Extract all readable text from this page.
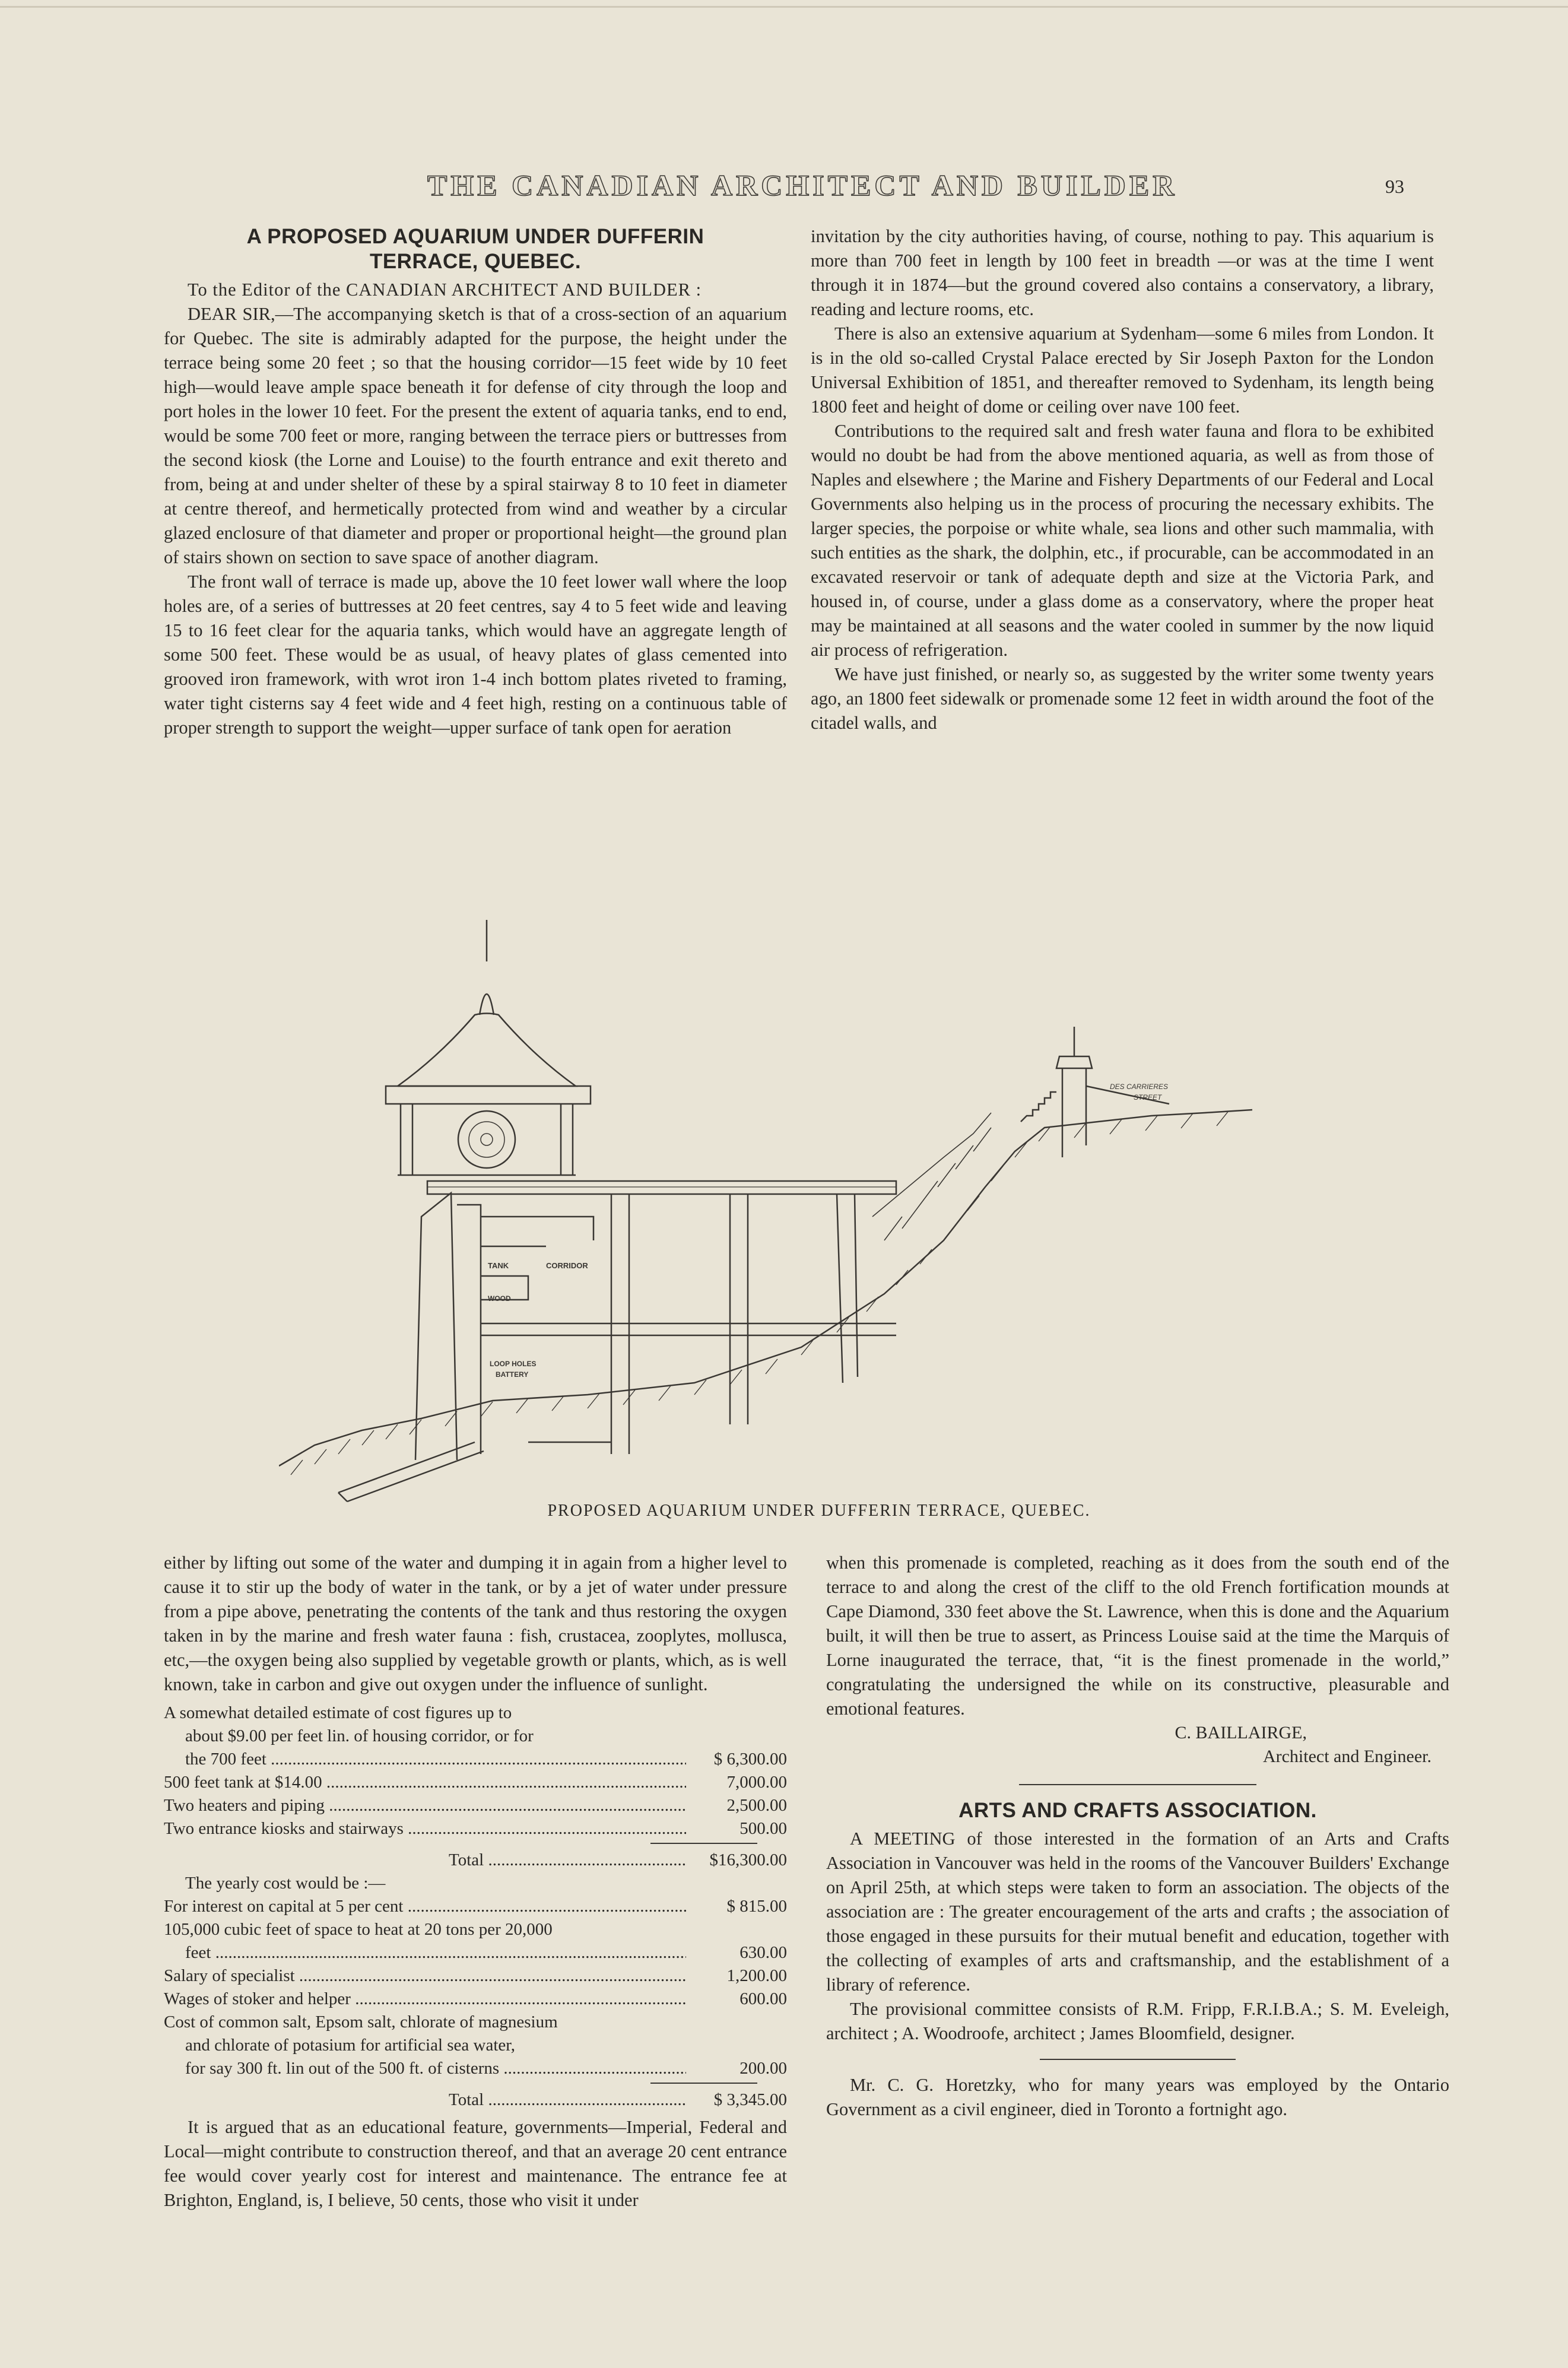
THE CANADIAN ARCHITECT AND BUILDER	93
A PROPOSED AQUARIUM UNDER DUFFERIN
TERRACE, QUEBEC.

To the Editor of the CANADIAN ARCHITECT AND BUILDER :

DEAR SIR,—The accompanying sketch is that of a cross-section of an aquarium for Quebec. The site is admirably adapted for the purpose, the height under the terrace being some 20 feet ; so that the housing corridor—15 feet wide by 10 feet high—would leave ample space beneath it for defense of city through the loop and port holes in the lower 10 feet. For the present the extent of aquaria tanks, end to end, would be some 700 feet or more, ranging between the terrace piers or buttresses from the second kiosk (the Lorne and Louise) to the fourth entrance and exit thereto and from, being at and under shelter of these by a spiral stairway 8 to 10 feet in diameter at centre thereof, and hermetically protected from wind and weather by a circular glazed enclosure of that diameter and proper or proportional height—the ground plan of stairs shown on section to save space of another diagram.

The front wall of terrace is made up, above the 10 feet lower wall where the loop holes are, of a series of buttresses at 20 feet centres, say 4 to 5 feet wide and leaving 15 to 16 feet clear for the aquaria tanks, which would have an aggregate length of some 500 feet. These would be as usual, of heavy plates of glass cemented into grooved iron framework, with wrot iron 1-4 inch bottom plates riveted to framing, water tight cisterns say 4 feet wide and 4 feet high, resting on a continuous table of proper strength to support the weight—upper surface of tank open for aeration

invitation by the city authorities having, of course, nothing to pay. This aquarium is more than 700 feet in length by 100 feet in breadth —or was at the time I went through it in 1874—but the ground covered also contains a conservatory, a library, reading and lecture rooms, etc.

There is also an extensive aquarium at Sydenham—some 6 miles from London. It is in the old so-called Crystal Palace erected by Sir Joseph Paxton for the London Universal Exhibition of 1851, and thereafter removed to Sydenham, its length being 1800 feet and height of dome or ceiling over nave 100 feet.

Contributions to the required salt and fresh water fauna and flora to be exhibited would no doubt be had from the above mentioned aquaria, as well as from those of Naples and elsewhere ; the Marine and Fishery Departments of our Federal and Local Governments also helping us in the process of procuring the necessary exhibits. The larger species, the porpoise or white whale, sea lions and other such mammalia, with such entities as the shark, the dolphin, etc., if procurable, can be accommodated in an excavated reservoir or tank of adequate depth and size at the Victoria Park, and housed in, of course, under a glass dome as a conservatory, where the proper heat may be maintained at all seasons and the water cooled in summer by the now liquid air process of refrigeration.

We have just finished, or nearly so, as suggested by the writer some twenty years ago, an 1800 feet sidewalk or promenade some 12 feet in width around the foot of the citadel walls, and

TANK	CORRIDOR
WOOD
LOOP HOLES
BATTERY
DES CARRIERES
STREET
PROPOSED AQUARIUM UNDER DUFFERIN TERRACE, QUEBEC.

either by lifting out some of the water and dumping it in again from a higher level to cause it to stir up the body of water in the tank, or by a jet of water under pressure from a pipe above, penetrating the contents of the tank and thus restoring the oxygen taken in by the marine and fresh water fauna : fish, crustacea, zooplytes, mollusca, etc,—the oxygen being also supplied by vegetable growth or plants, which, as is well known, take in carbon and give out oxygen under the influence of sunlight.

A somewhat detailed estimate of cost figures up to
about $9.00 per feet lin. of housing corridor, or for
the 700 feet .....	$ 6,300.00
500 feet tank at $14.00 .....	7,000.00
Two heaters and piping .....	2,500.00
Two entrance kiosks and stairways .....	500.00
Total .....	$16,300.00
The yearly cost would be :—
For interest on capital at 5 per cent .....	$ 815.00
105,000 cubic feet of space to heat at 20 tons per 20,000
feet .....	630.00
Salary of specialist .....	1,200.00
Wages of stoker and helper .....	600.00
Cost of common salt, Epsom salt, chlorate of magnesium
and chlorate of potasium for artificial sea water,
for say 300 ft. lin out of the 500 ft. of cisterns .....	200.00
Total .....	$ 3,345.00

It is argued that as an educational feature, governments—Imperial, Federal and Local—might contribute to construction thereof, and that an average 20 cent entrance fee would cover yearly cost for interest and maintenance. The entrance fee at Brighton, England, is, I believe, 50 cents, those who visit it under

when this promenade is completed, reaching as it does from the south end of the terrace to and along the crest of the cliff to the old French fortification mounds at Cape Diamond, 330 feet above the St. Lawrence, when this is done and the Aquarium built, it will then be true to assert, as Princess Louise said at the time the Marquis of Lorne inaugurated the terrace, that, “it is the finest promenade in the world,” congratulating the undersigned the while on its constructive, pleasurable and emotional features.

C. BAILLAIRGE,
Architect and Engineer.
ARTS AND CRAFTS ASSOCIATION.

A MEETING of those interested in the formation of an Arts and Crafts Association in Vancouver was held in the rooms of the Vancouver Builders' Exchange on April 25th, at which steps were taken to form an association. The objects of the association are : The greater encouragement of the arts and crafts ; the association of those engaged in these pursuits for their mutual benefit and education, together with the collecting of examples of arts and craftsmanship, and the establishment of a library of reference.

The provisional committee consists of R.M. Fripp, F.R.I.B.A.; S. M. Eveleigh, architect ; A. Woodroofe, architect ; James Bloomfield, designer.

Mr. C. G. Horetzky, who for many years was employed by the Ontario Government as a civil engineer, died in Toronto a fortnight ago.
